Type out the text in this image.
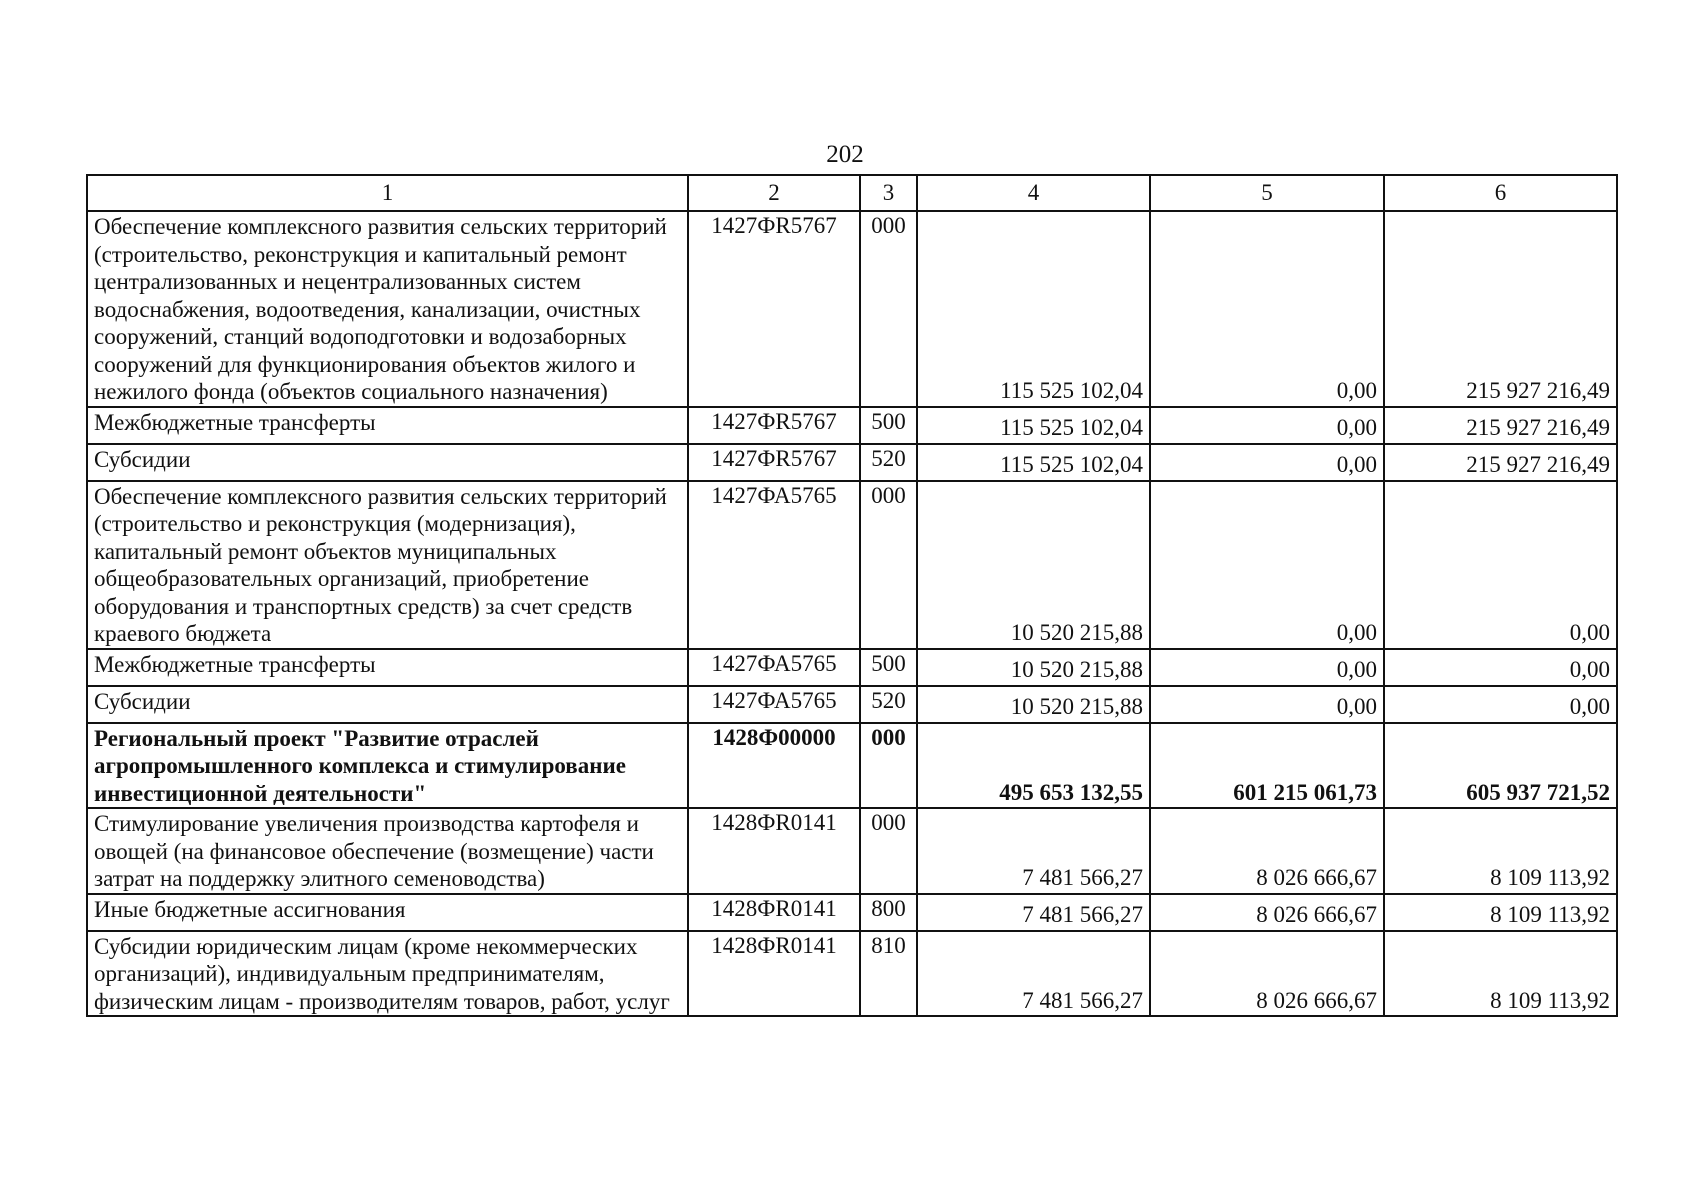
202
1	2	3	4	5	6
Обеспечение комплексного развития сельских территорий (строительство, реконструкция и капитальный ремонт централизованных и нецентрализованных систем водоснабжения, водоотведения, канализации, очистных сооружений, станций водоподготовки и водозаборных сооружений для функционирования объектов жилого и нежилого фонда (объектов социального назначения)	1427ФR5767	000	115 525 102,04	0,00	215 927 216,49
Межбюджетные трансферты	1427ФR5767	500	115 525 102,04	0,00	215 927 216,49
Субсидии	1427ФR5767	520	115 525 102,04	0,00	215 927 216,49
Обеспечение комплексного развития сельских территорий (строительство и реконструкция (модернизация), капитальный ремонт объектов муниципальных общеобразовательных организаций, приобретение оборудования и транспортных средств) за счет средств краевого бюджета	1427ФА5765	000	10 520 215,88	0,00	0,00
Межбюджетные трансферты	1427ФА5765	500	10 520 215,88	0,00	0,00
Субсидии	1427ФА5765	520	10 520 215,88	0,00	0,00
Региональный проект "Развитие отраслей агропромышленного комплекса и стимулирование инвестиционной деятельности"	1428Ф00000	000	495 653 132,55	601 215 061,73	605 937 721,52
Стимулирование увеличения производства картофеля и овощей (на финансовое обеспечение (возмещение) части затрат на поддержку элитного семеноводства)	1428ФR0141	000	7 481 566,27	8 026 666,67	8 109 113,92
Иные бюджетные ассигнования	1428ФR0141	800	7 481 566,27	8 026 666,67	8 109 113,92
Субсидии юридическим лицам (кроме некоммерческих организаций), индивидуальным предпринимателям, физическим лицам - производителям товаров, работ, услуг	1428ФR0141	810	7 481 566,27	8 026 666,67	8 109 113,92
